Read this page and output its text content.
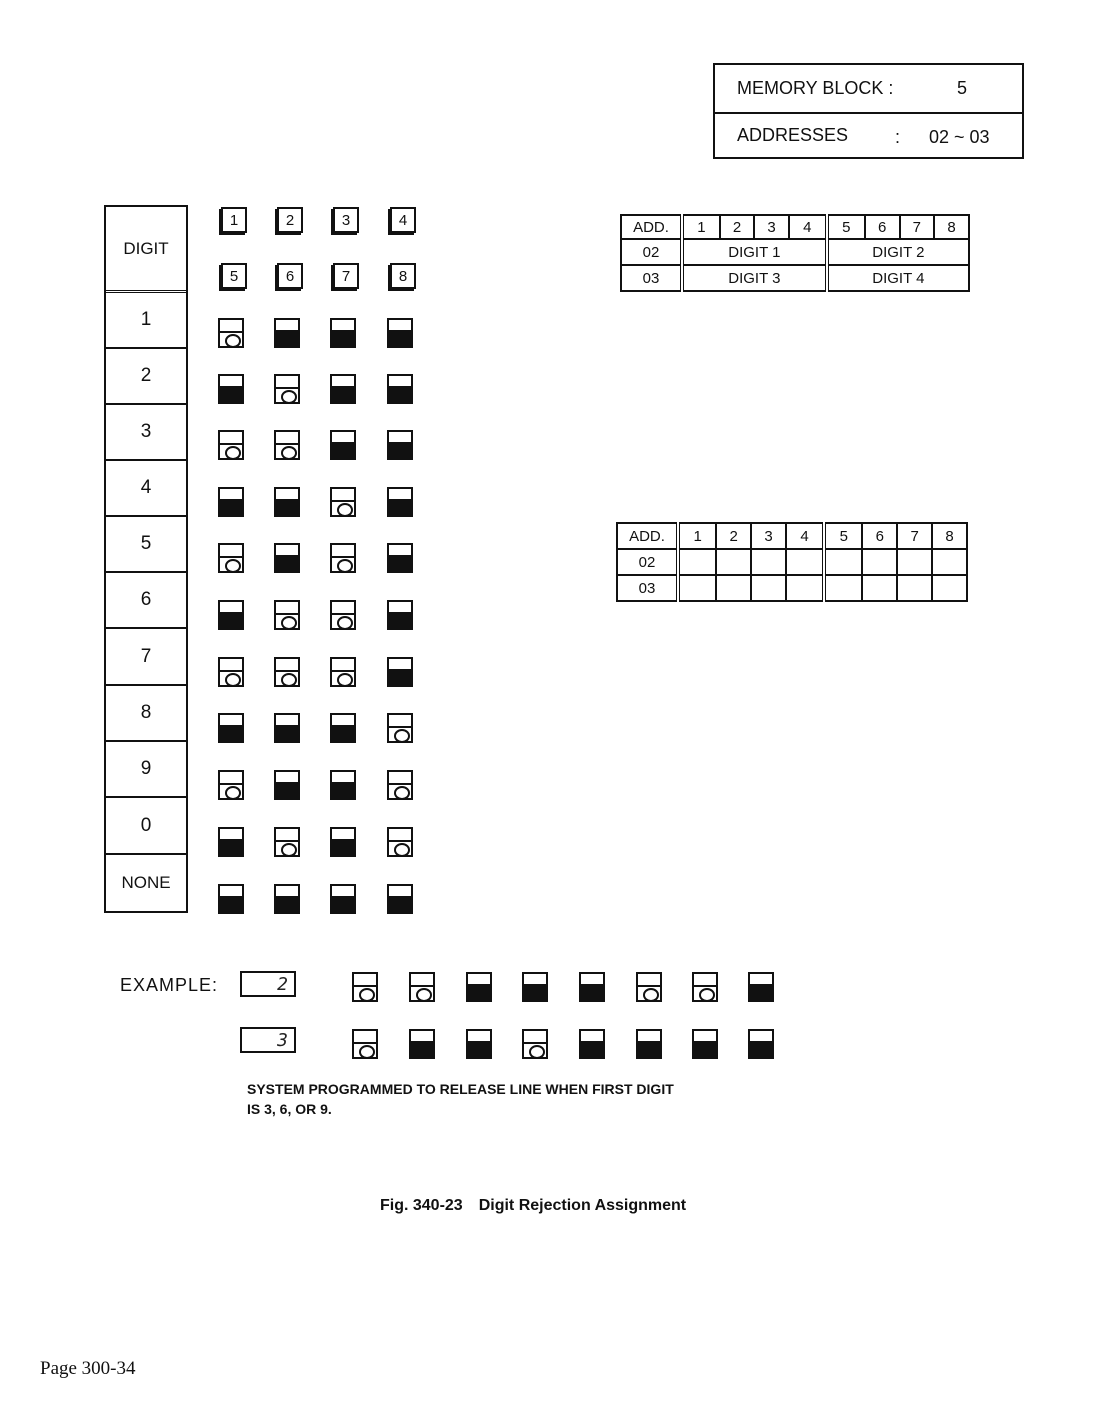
MEMORY BLOCK :	5
ADDRESSES	: 02 ~ 03
DIGIT
1
2
3
4
5
6
7
8
9
0
NONE
1	2	3	4
5	6	7	8
ADD.	1	2	3	4	5	6	7	8
02	DIGIT 1				DIGIT 2			
03	DIGIT 3				DIGIT 4			
ADD.	1	2	3	4	5	6	7	8
02								
03								
EXAMPLE:	2
3
SYSTEM PROGRAMMED TO RELEASE LINE WHEN FIRST DIGIT
IS 3, 6, OR 9.
Fig. 340-23 Digit Rejection Assignment
Page 300-34
